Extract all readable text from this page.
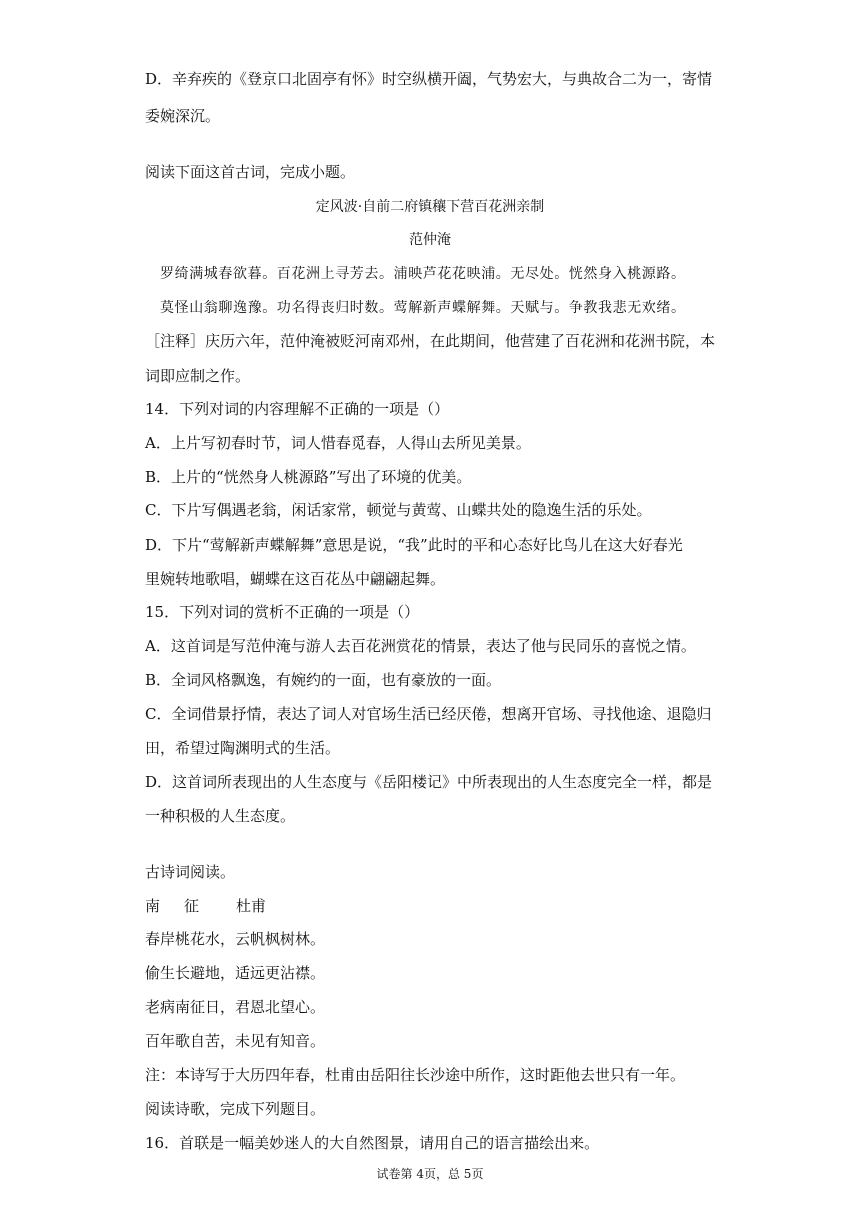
D．辛弃疾的《登京口北固亭有怀》时空纵横开阖，气势宏大，与典故合二为一，寄情
委婉深沉。
阅读下面这首古词，完成小题。
定风波·自前二府镇穰下营百花洲亲制
范仲淹
罗绮满城春欲暮。百花洲上寻芳去。浦映芦花花映浦。无尽处。恍然身入桃源路。
莫怪山翁聊逸豫。功名得丧归时数。莺解新声蝶解舞。天赋与。争教我悲无欢绪。
［注释］庆历六年，范仲淹被贬河南邓州，在此期间，他营建了百花洲和花洲书院，本
词即应制之作。
14．下列对词的内容理解不正确的一项是（）
A．上片写初春时节，词人惜春觅春，人得山去所见美景。
B．上片的“恍然身人桃源路”写出了环境的优美。
C．下片写偶遇老翁，闲话家常，顿觉与黄莺、山蝶共处的隐逸生活的乐处。
D．下片“莺解新声蝶解舞”意思是说，“我”此时的平和心态好比鸟儿在这大好春光
里婉转地歌唱，蝴蝶在这百花丛中翩翩起舞。
15．下列对词的赏析不正确的一项是（）
A．这首词是写范仲淹与游人去百花洲赏花的情景，表达了他与民同乐的喜悦之情。
B．全词风格飘逸，有婉约的一面，也有豪放的一面。
C．全词借景抒情，表达了词人对官场生活已经厌倦，想离开官场、寻找他途、退隐归
田，希望过陶渊明式的生活。
D．这首词所表现出的人生态度与《岳阳楼记》中所表现出的人生态度完全一样，都是
一种积极的人生态度。
古诗词阅读。
南 征 杜甫
春岸桃花水，云帆枫树林。
偷生长避地，适远更沾襟。
老病南征日，君恩北望心。
百年歌自苦，未见有知音。
注：本诗写于大历四年春，杜甫由岳阳往长沙途中所作，这时距他去世只有一年。
阅读诗歌，完成下列题目。
16．首联是一幅美妙迷人的大自然图景，请用自己的语言描绘出来。
试卷第 4页，总 5页
